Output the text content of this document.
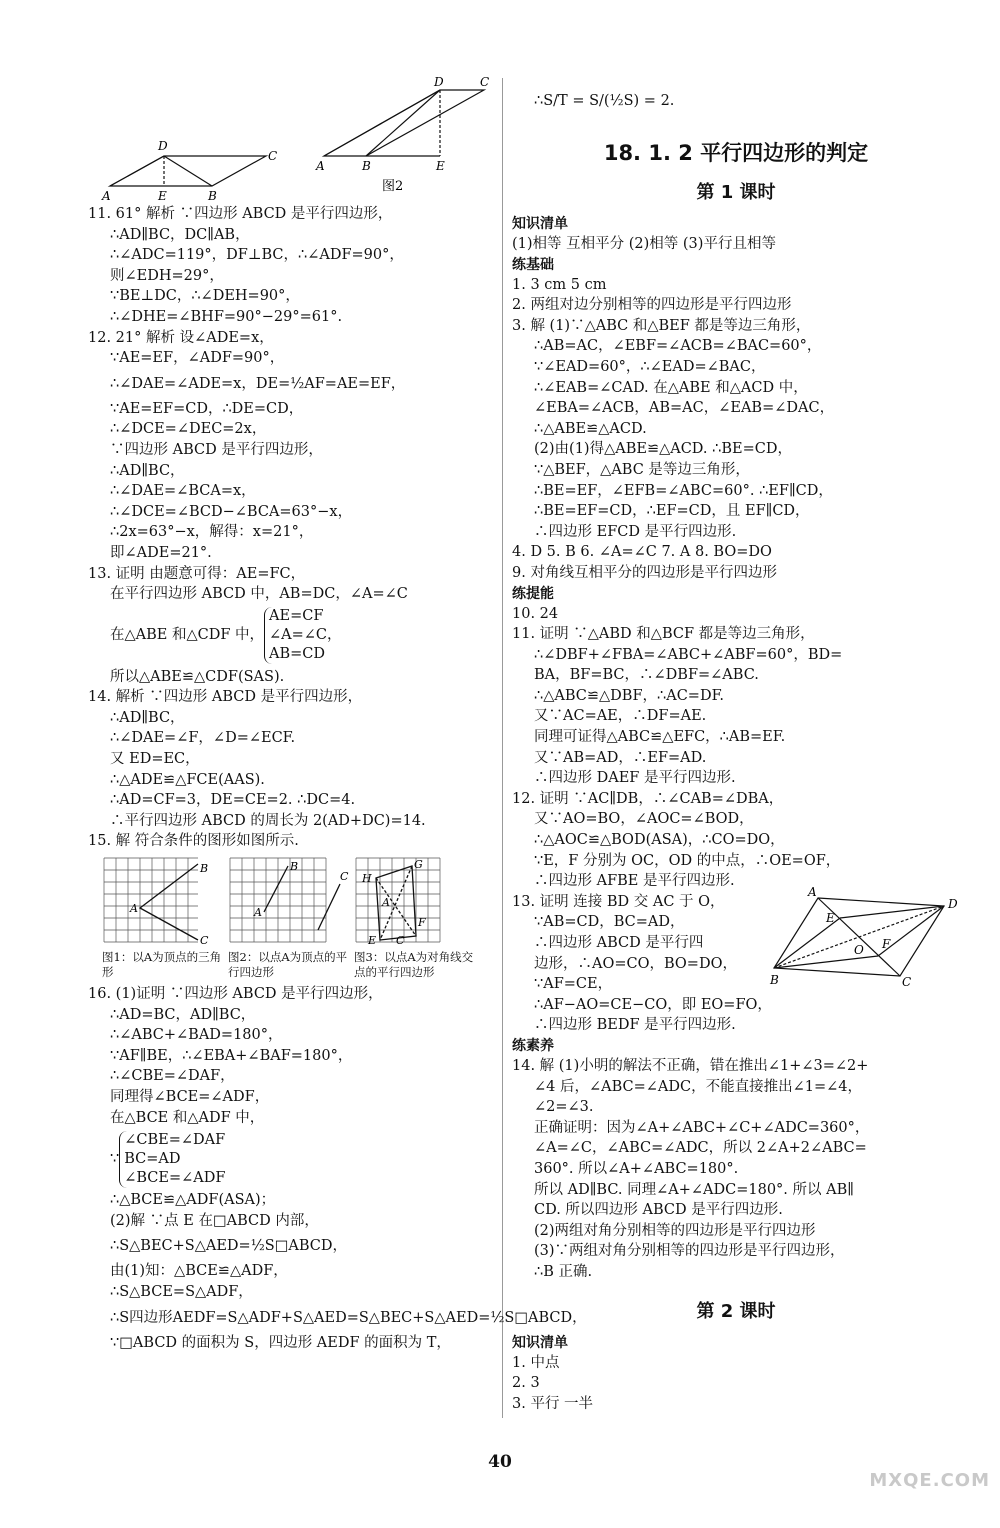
D
C
A	E	B
D	C
A	B	E
图2
11. 61° 解析 ∵四边形 ABCD 是平行四边形，
∴AD∥BC，DC∥AB，
∴∠ADC=119°，DF⊥BC，∴∠ADF=90°，
则∠EDH=29°，
∵BE⊥DC，∴∠DEH=90°，
∴∠DHE=∠BHF=90°−29°=61°.
12. 21° 解析 设∠ADE=x，
∵AE=EF，∠ADF=90°，
∴∠DAE=∠ADE=x，DE=½AF=AE=EF，
∵AE=EF=CD，∴DE=CD，
∴∠DCE=∠DEC=2x，
∵四边形 ABCD 是平行四边形，
∴AD∥BC，
∴∠DAE=∠BCA=x，
∴∠DCE=∠BCD−∠BCA=63°−x，
∴2x=63°−x，解得：x=21°，
即∠ADE=21°.
13. 证明 由题意可得：AE=FC，
在平行四边形 ABCD 中，AB=DC，∠A=∠C
在△ABE 和△CDF 中，
AE=CF
∠A=∠C，
AB=CD
所以△ABE≌△CDF(SAS).
14. 解析 ∵四边形 ABCD 是平行四边形，
∴AD∥BC，
∴∠DAE=∠F，∠D=∠ECF.
又 ED=EC，
∴△ADE≌△FCE(AAS).
∴AD=CF=3，DE=CE=2. ∴DC=4.
∴平行四边形 ABCD 的周长为 2(AD+DC)=14.
15. 解 符合条件的图形如图所示.
B
A
C
图1：以A为顶点的三角形
B
A
C
图2：以点A为顶点的平行四边形
H
G
A
F
E C
图3：以点A为对角线交点的平行四边形
16. (1)证明 ∵四边形 ABCD 是平行四边形，
∴AD=BC，AD∥BC，
∴∠ABC+∠BAD=180°，
∵AF∥BE，∴∠EBA+∠BAF=180°，
∴∠CBE=∠DAF，
同理得∠BCE=∠ADF，
在△BCE 和△ADF 中，
∵
∠CBE=∠DAF
BC=AD
∠BCE=∠ADF
∴△BCE≌△ADF(ASA)；
(2)解 ∵点 E 在□ABCD 内部，
∴S△BEC+S△AED=½S□ABCD，
由(1)知：△BCE≌△ADF，
∴S△BCE=S△ADF，
∴S四边形AEDF=S△ADF+S△AED=S△BEC+S△AED=½S□ABCD，
∵□ABCD 的面积为 S，四边形 AEDF 的面积为 T，
∴S/T = S/(½S) = 2.
18. 1. 2 平行四边形的判定
第 1 课时
知识清单
(1)相等 互相平分 (2)相等 (3)平行且相等
练基础
1. 3 cm 5 cm
2. 两组对边分别相等的四边形是平行四边形
3. 解 (1)∵△ABC 和△BEF 都是等边三角形，
∴AB=AC，∠EBF=∠ACB=∠BAC=60°，
∵∠EAD=60°，∴∠EAD=∠BAC，
∴∠EAB=∠CAD. 在△ABE 和△ACD 中，
∠EBA=∠ACB，AB=AC，∠EAB=∠DAC，
∴△ABE≌△ACD.
(2)由(1)得△ABE≌△ACD. ∴BE=CD，
∵△BEF，△ABC 是等边三角形，
∴BE=EF，∠EFB=∠ABC=60°. ∴EF∥CD，
∴BE=EF=CD，∴EF=CD，且 EF∥CD，
∴四边形 EFCD 是平行四边形.
4. D 5. B 6. ∠A=∠C 7. A 8. BO=DO
9. 对角线互相平分的四边形是平行四边形
练提能
10. 24
11. 证明 ∵△ABD 和△BCF 都是等边三角形，
∴∠DBF+∠FBA=∠ABC+∠ABF=60°，BD=
BA，BF=BC，∴∠DBF=∠ABC.
∴△ABC≌△DBF，∴AC=DF.
又∵AC=AE，∴DF=AE.
同理可证得△ABC≌△EFC，∴AB=EF.
又∵AB=AD，∴EF=AD.
∴四边形 DAEF 是平行四边形.
12. 证明 ∵AC∥DB，∴∠CAB=∠DBA，
又∵AO=BO，∠AOC=∠BOD，
∴△AOC≌△BOD(ASA)，∴CO=DO，
∵E，F 分别为 OC，OD 的中点，∴OE=OF，
∴四边形 AFBE 是平行四边形.
13. 证明 连接 BD 交 AC 于 O，
∵AB=CD，BC=AD，
∴四边形 ABCD 是平行四
边形，∴AO=CO，BO=DO，
∵AF=CE，
A
D
E
F
O
B	C
∴AF−AO=CE−CO，即 EO=FO，
∴四边形 BEDF 是平行四边形.
练素养
14. 解 (1)小明的解法不正确，错在推出∠1+∠3=∠2+
∠4 后，∠ABC=∠ADC，不能直接推出∠1=∠4，
∠2=∠3.
正确证明：因为∠A+∠ABC+∠C+∠ADC=360°，
∠A=∠C，∠ABC=∠ADC，所以 2∠A+2∠ABC=
360°. 所以∠A+∠ABC=180°.
所以 AD∥BC. 同理∠A+∠ADC=180°. 所以 AB∥
CD. 所以四边形 ABCD 是平行四边形.
(2)两组对角分别相等的四边形是平行四边形
(3)∵两组对角分别相等的四边形是平行四边形，
∴B 正确.
第 2 课时
知识清单
1. 中点
2. 3
3. 平行 一半
40
MXQE.COM
